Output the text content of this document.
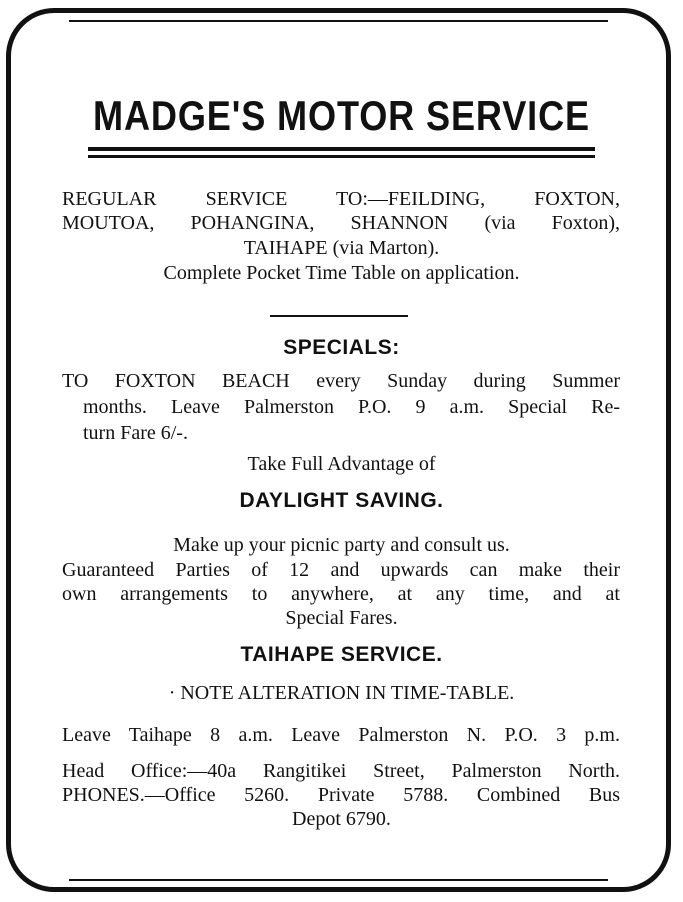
MADGE'S MOTOR SERVICE
REGULAR SERVICE TO:—FEILDING, FOXTON,
MOUTOA, POHANGINA, SHANNON (via Foxton),
TAIHAPE (via Marton).
Complete Pocket Time Table on application.
SPECIALS:
TO FOXTON BEACH every Sunday during Summer
months. Leave Palmerston P.O. 9 a.m. Special Re-
turn Fare 6/-.
Take Full Advantage of
DAYLIGHT SAVING.
Make up your picnic party and consult us.
Guaranteed Parties of 12 and upwards can make their
own arrangements to anywhere, at any time, and at
Special Fares.
TAIHAPE SERVICE.
· NOTE ALTERATION IN TIME-TABLE.
Leave Taihape 8 a.m. Leave Palmerston N. P.O. 3 p.m.
Head Office:—40a Rangitikei Street, Palmerston North.
PHONES.—Office 5260. Private 5788. Combined Bus
Depot 6790.
